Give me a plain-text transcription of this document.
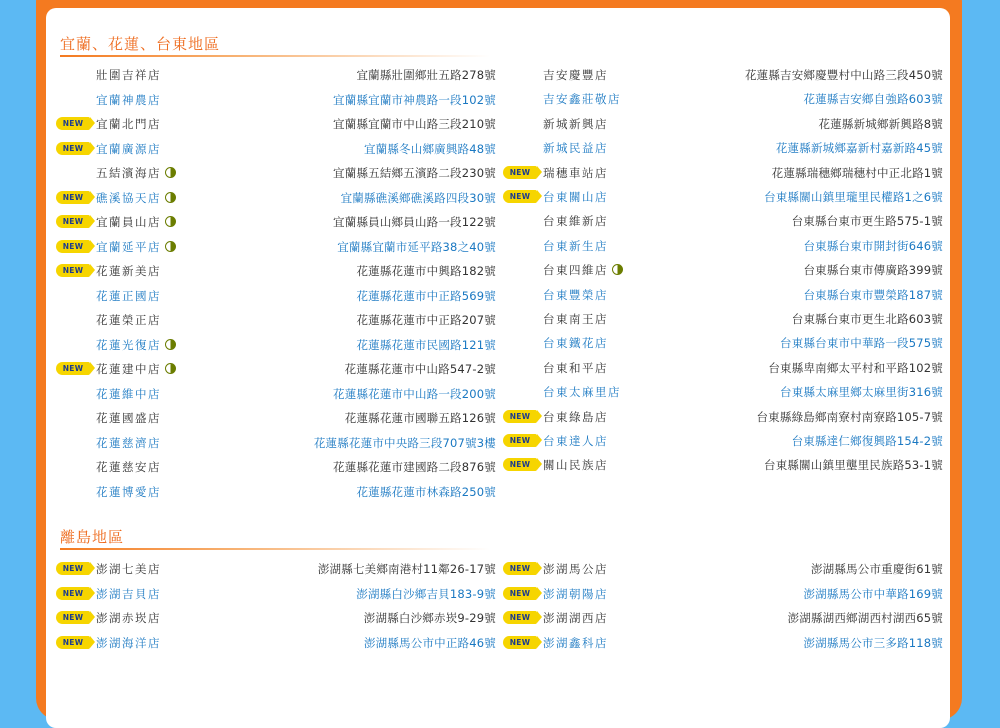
宜蘭、花蓮、台東地區
壯圍吉祥店	宜蘭縣壯圍鄉壯五路278號
宜蘭神農店	宜蘭縣宜蘭市神農路一段102號
NEW	宜蘭北門店	宜蘭縣宜蘭市中山路三段210號
NEW	宜蘭廣源店	宜蘭縣冬山鄉廣興路48號
五結濱海店	宜蘭縣五結鄉五濱路二段230號
NEW	礁溪協天店	宜蘭縣礁溪鄉礁溪路四段30號
NEW	宜蘭員山店	宜蘭縣員山鄉員山路一段122號
NEW	宜蘭延平店	宜蘭縣宜蘭市延平路38之40號
NEW	花蓮新美店	花蓮縣花蓮市中興路182號
花蓮正國店	花蓮縣花蓮市中正路569號
花蓮榮正店	花蓮縣花蓮市中正路207號
花蓮光復店	花蓮縣花蓮市民國路121號
NEW	花蓮建中店	花蓮縣花蓮市中山路547-2號
花蓮維中店	花蓮縣花蓮市中山路一段200號
花蓮國盛店	花蓮縣花蓮市國聯五路126號
花蓮慈濟店	花蓮縣花蓮市中央路三段707號3樓
花蓮慈安店	花蓮縣花蓮市建國路二段876號
花蓮博愛店	花蓮縣花蓮市林森路250號
吉安慶豐店	花蓮縣吉安鄉慶豐村中山路三段450號
吉安鑫莊敬店	花蓮縣吉安鄉自強路603號
新城新興店	花蓮縣新城鄉新興路8號
新城民益店	花蓮縣新城鄉嘉新村嘉新路45號
NEW	瑞穗車站店	花蓮縣瑞穗鄉瑞穗村中正北路1號
NEW	台東關山店	台東縣關山鎮里瓏里民權路1之6號
台東維新店	台東縣台東市更生路575-1號
台東新生店	台東縣台東市開封街646號
台東四維店	台東縣台東市傳廣路399號
台東豐榮店	台東縣台東市豐榮路187號
台東南王店	台東縣台東市更生北路603號
台東鐵花店	台東縣台東市中華路一段575號
台東和平店	台東縣卑南鄉太平村和平路102號
台東太麻里店	台東縣太麻里鄉太麻里街316號
NEW	台東綠島店	台東縣綠島鄉南寮村南寮路105-7號
NEW	台東達人店	台東縣達仁鄉復興路154-2號
NEW	關山民族店	台東縣關山鎮里壟里民族路53-1號
離島地區
NEW	澎湖七美店	澎湖縣七美鄉南港村11鄰26-17號
NEW	澎湖吉貝店	澎湖縣白沙鄉吉貝183-9號
NEW	澎湖赤崁店	澎湖縣白沙鄉赤崁9-29號
NEW	澎湖海洋店	澎湖縣馬公市中正路46號
NEW	澎湖馬公店	澎湖縣馬公市重慶街61號
NEW	澎湖朝陽店	澎湖縣馬公市中華路169號
NEW	澎湖湖西店	澎湖縣湖西鄉湖西村湖西65號
NEW	澎湖鑫科店	澎湖縣馬公市三多路118號
